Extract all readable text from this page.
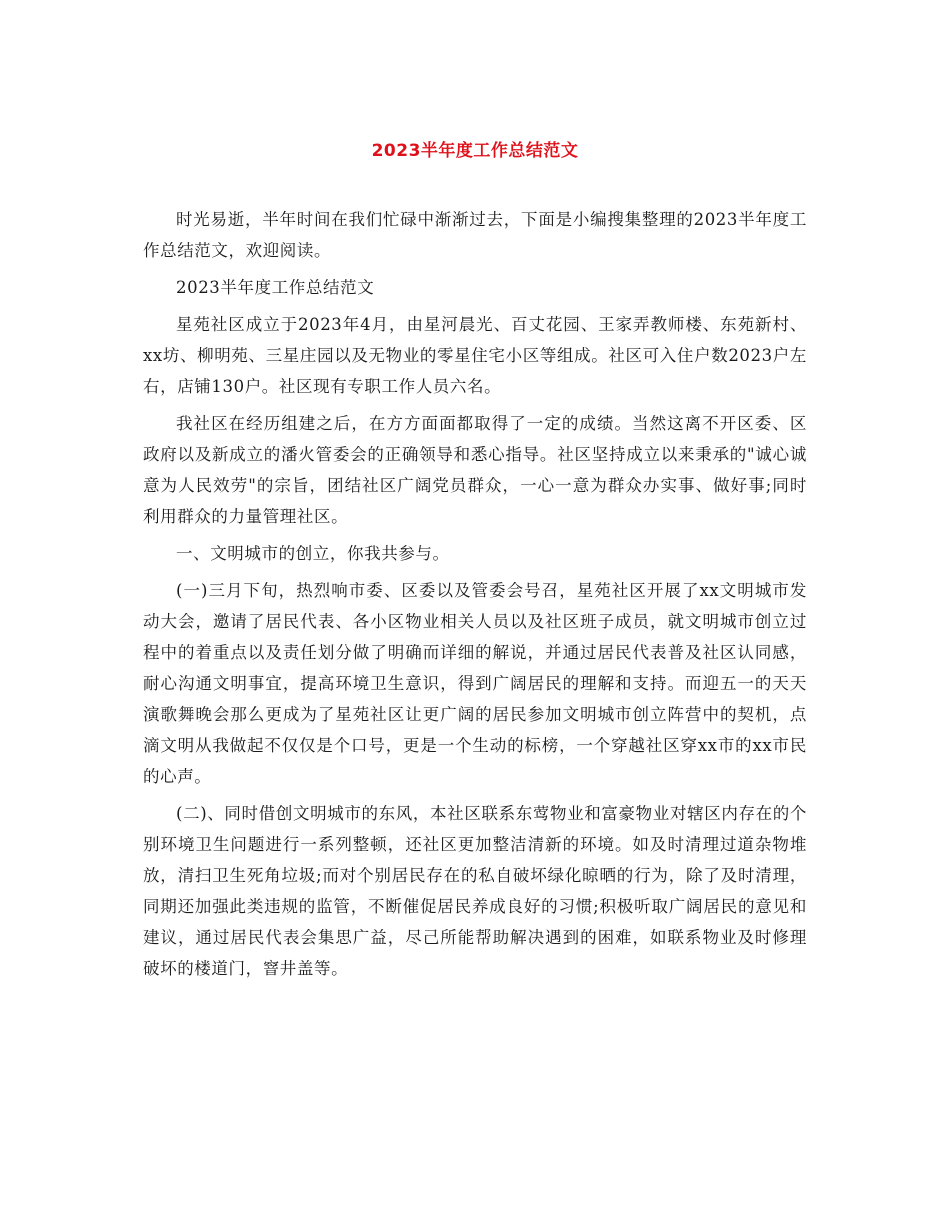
2023半年度工作总结范文

时光易逝，半年时间在我们忙碌中渐渐过去，下面是小编搜集整理的2023半年度工作总结范文，欢迎阅读。

2023半年度工作总结范文

星苑社区成立于2023年4月，由星河晨光、百丈花园、王家弄教师楼、东苑新村、xx坊、柳明苑、三星庄园以及无物业的零星住宅小区等组成。社区可入住户数2023户左右，店铺130户。社区现有专职工作人员六名。

我社区在经历组建之后，在方方面面都取得了一定的成绩。当然这离不开区委、区政府以及新成立的潘火管委会的正确领导和悉心指导。社区坚持成立以来秉承的"诚心诚意为人民效劳"的宗旨，团结社区广阔党员群众，一心一意为群众办实事、做好事;同时利用群众的力量管理社区。

一、文明城市的创立，你我共参与。

(一)三月下旬，热烈响市委、区委以及管委会号召，星苑社区开展了xx文明城市发动大会，邀请了居民代表、各小区物业相关人员以及社区班子成员，就文明城市创立过程中的着重点以及责任划分做了明确而详细的解说，并通过居民代表普及社区认同感，耐心沟通文明事宜，提高环境卫生意识，得到广阔居民的理解和支持。而迎五一的天天演歌舞晚会那么更成为了星苑社区让更广阔的居民参加文明城市创立阵营中的契机，点滴文明从我做起不仅仅是个口号，更是一个生动的标榜，一个穿越社区穿xx市的xx市民的心声。

(二)、同时借创文明城市的东风，本社区联系东莺物业和富豪物业对辖区内存在的个别环境卫生问题进行一系列整顿，还社区更加整洁清新的环境。如及时清理过道杂物堆放，清扫卫生死角垃圾;而对个别居民存在的私自破坏绿化晾晒的行为，除了及时清理，同期还加强此类违规的监管，不断催促居民养成良好的习惯;积极听取广阔居民的意见和建议，通过居民代表会集思广益，尽己所能帮助解决遇到的困难，如联系物业及时修理破坏的楼道门，窨井盖等。
